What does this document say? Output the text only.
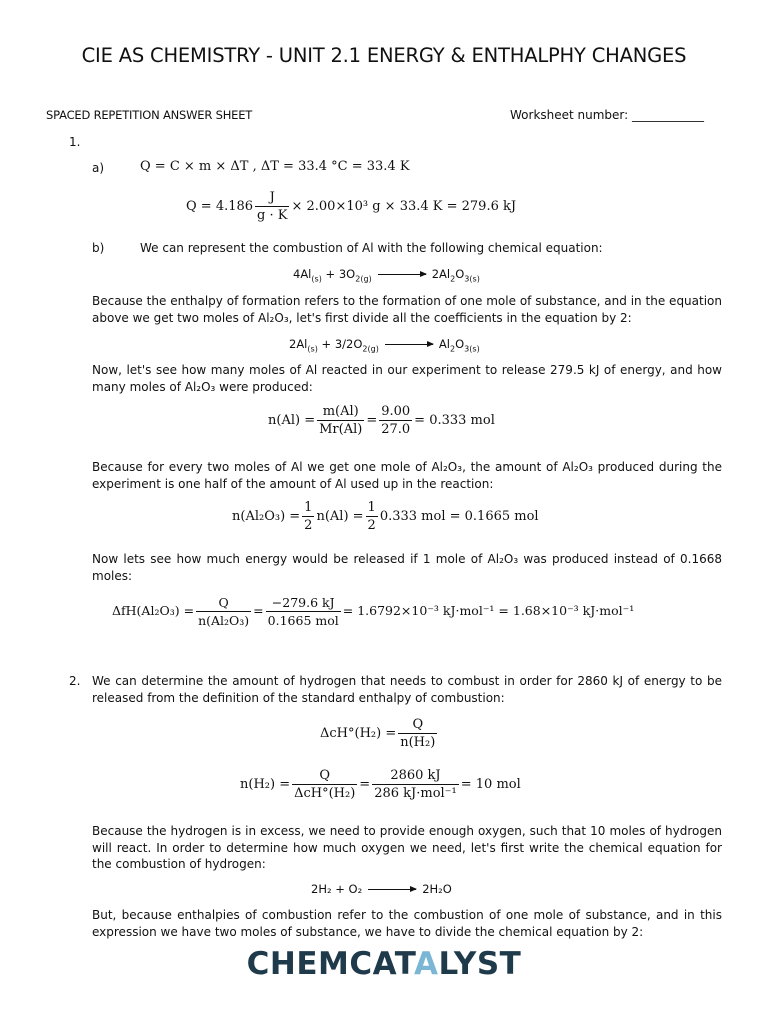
CIE AS CHEMISTRY - UNIT 2.1 ENERGY & ENTHALPHY CHANGES
SPACED REPETITION ANSWER SHEET	Worksheet number: ____________
1.
a)	Q = C × m × ΔT , ΔT = 33.4 °C = 33.4 K
$Q = 4.186 \frac{J}{g \cdot K} \times 2.00\times 10^3$ g × 33.4 K = 279.6 kJ
b)	We can represent the combustion of Al with the following chemical equation:
$4Al_{(s)} + 3O_{2(g)}$	$2Al_2O_{3(s)}$
Because the enthalpy of formation refers to the formation of one mole of substance, and in the equation above we get two moles of Al₂O₃, let's first divide all the coefficients in the equation by 2:
$2Al_{(s)} + 3/2O_{2(g)}$	$Al_2O_{3(s)}$
Now, let's see how many moles of Al reacted in our experiment to release 279.5 kJ of energy, and how many moles of Al₂O₃ were produced:
$n(Al) = \frac{m(Al)}{Mr(Al)} = \frac{9.00}{27.0} = 0.333$ mol
Because for every two moles of Al we get one mole of Al₂O₃, the amount of Al₂O₃ produced during the experiment is one half of the amount of Al used up in the reaction:
$n(Al_2O_3) = \frac{1}{2} n(Al) = \frac{1}{2} 0.333$ mol = 0.1665 mol
Now lets see how much energy would be released if 1 mole of Al₂O₃ was produced instead of 0.1668 moles:
$\Delta fH(Al_2O_3) = \frac{Q}{\text{n(Al₂O₃)}} = \frac{-279.6 kJ}{\text{0.1665 mol}} = 1.6792\times 10^{-3}$ kJ·mol⁻¹ = 1.68×10⁻³ kJ·mol⁻¹
2. We can determine the amount of hydrogen that needs to combust in order for 2860 kJ of energy to be released from the definition of the standard enthalpy of combustion:
$\Delta cH^\circ(H_2) = \frac{Q}{\text{n(H₂)}}$
$n(H_2) = \frac{Q}{\text{ΔcH°(H₂)}} = \frac{2860 kJ}{\text{286 kJ·mol⁻¹}} = 10$ mol
Because the hydrogen is in excess, we need to provide enough oxygen, such that 10 moles of hydrogen will react. In order to determine how much oxygen we need, let's first write the chemical equation for the combustion of hydrogen:
2H₂ + O₂	2H₂O
But, because enthalpies of combustion refer to the combustion of one mole of substance, and in this expression we have two moles of substance, we have to divide the chemical equation by 2:
CHEMCATALYST
